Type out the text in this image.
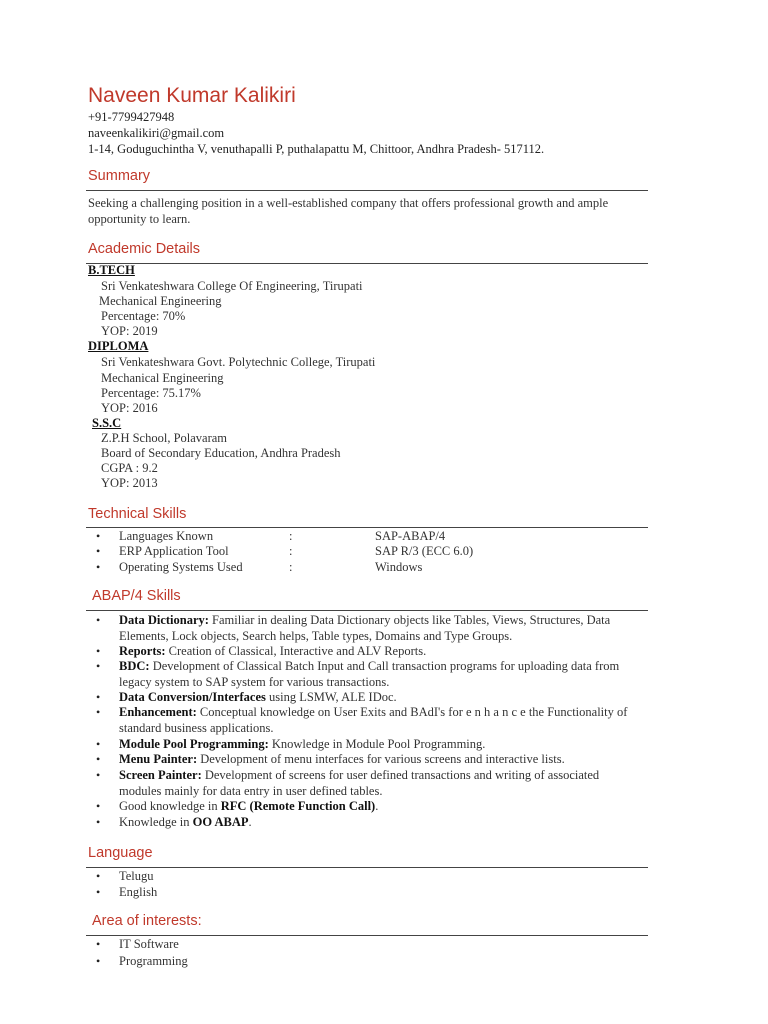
Naveen Kumar Kalikiri
+91-7799427948
naveenkalikiri@gmail.com
1-14, Goduguchintha V, venuthapalli P, puthalapattu M, Chittoor, Andhra Pradesh- 517112.
Summary
Seeking a challenging position in a well-established company that offers professional growth and ample opportunity to learn.
Academic Details
B.TECH
Sri Venkateshwara College Of Engineering, Tirupati
Mechanical Engineering
Percentage: 70%
YOP: 2019
DIPLOMA
Sri Venkateshwara Govt. Polytechnic College, Tirupati
Mechanical Engineering
Percentage: 75.17%
YOP: 2016
S.S.C
Z.P.H School, Polavaram
Board of Secondary Education, Andhra Pradesh
CGPA : 9.2
YOP: 2013
Technical Skills
• Languages Known	:	SAP-ABAP/4
• ERP Application Tool	:	SAP R/3 (ECC 6.0)
• Operating Systems Used	:	Windows
ABAP/4 Skills
• Data Dictionary: Familiar in dealing Data Dictionary objects like Tables, Views, Structures, Data Elements, Lock objects, Search helps, Table types, Domains and Type Groups.
• Reports: Creation of Classical, Interactive and ALV Reports.
• BDC: Development of Classical Batch Input and Call transaction programs for uploading data from legacy system to SAP system for various transactions.
• Data Conversion/Interfaces using LSMW, ALE IDoc.
• Enhancement: Conceptual knowledge on User Exits and BAdI's for e n h a n c e the Functionality of standard business applications.
• Module Pool Programming: Knowledge in Module Pool Programming.
• Menu Painter: Development of menu interfaces for various screens and interactive lists.
• Screen Painter: Development of screens for user defined transactions and writing of associated modules mainly for data entry in user defined tables.
• Good knowledge in RFC (Remote Function Call).
• Knowledge in OO ABAP.
Language
• Telugu
• English
Area of interests:
• IT Software
• Programming
